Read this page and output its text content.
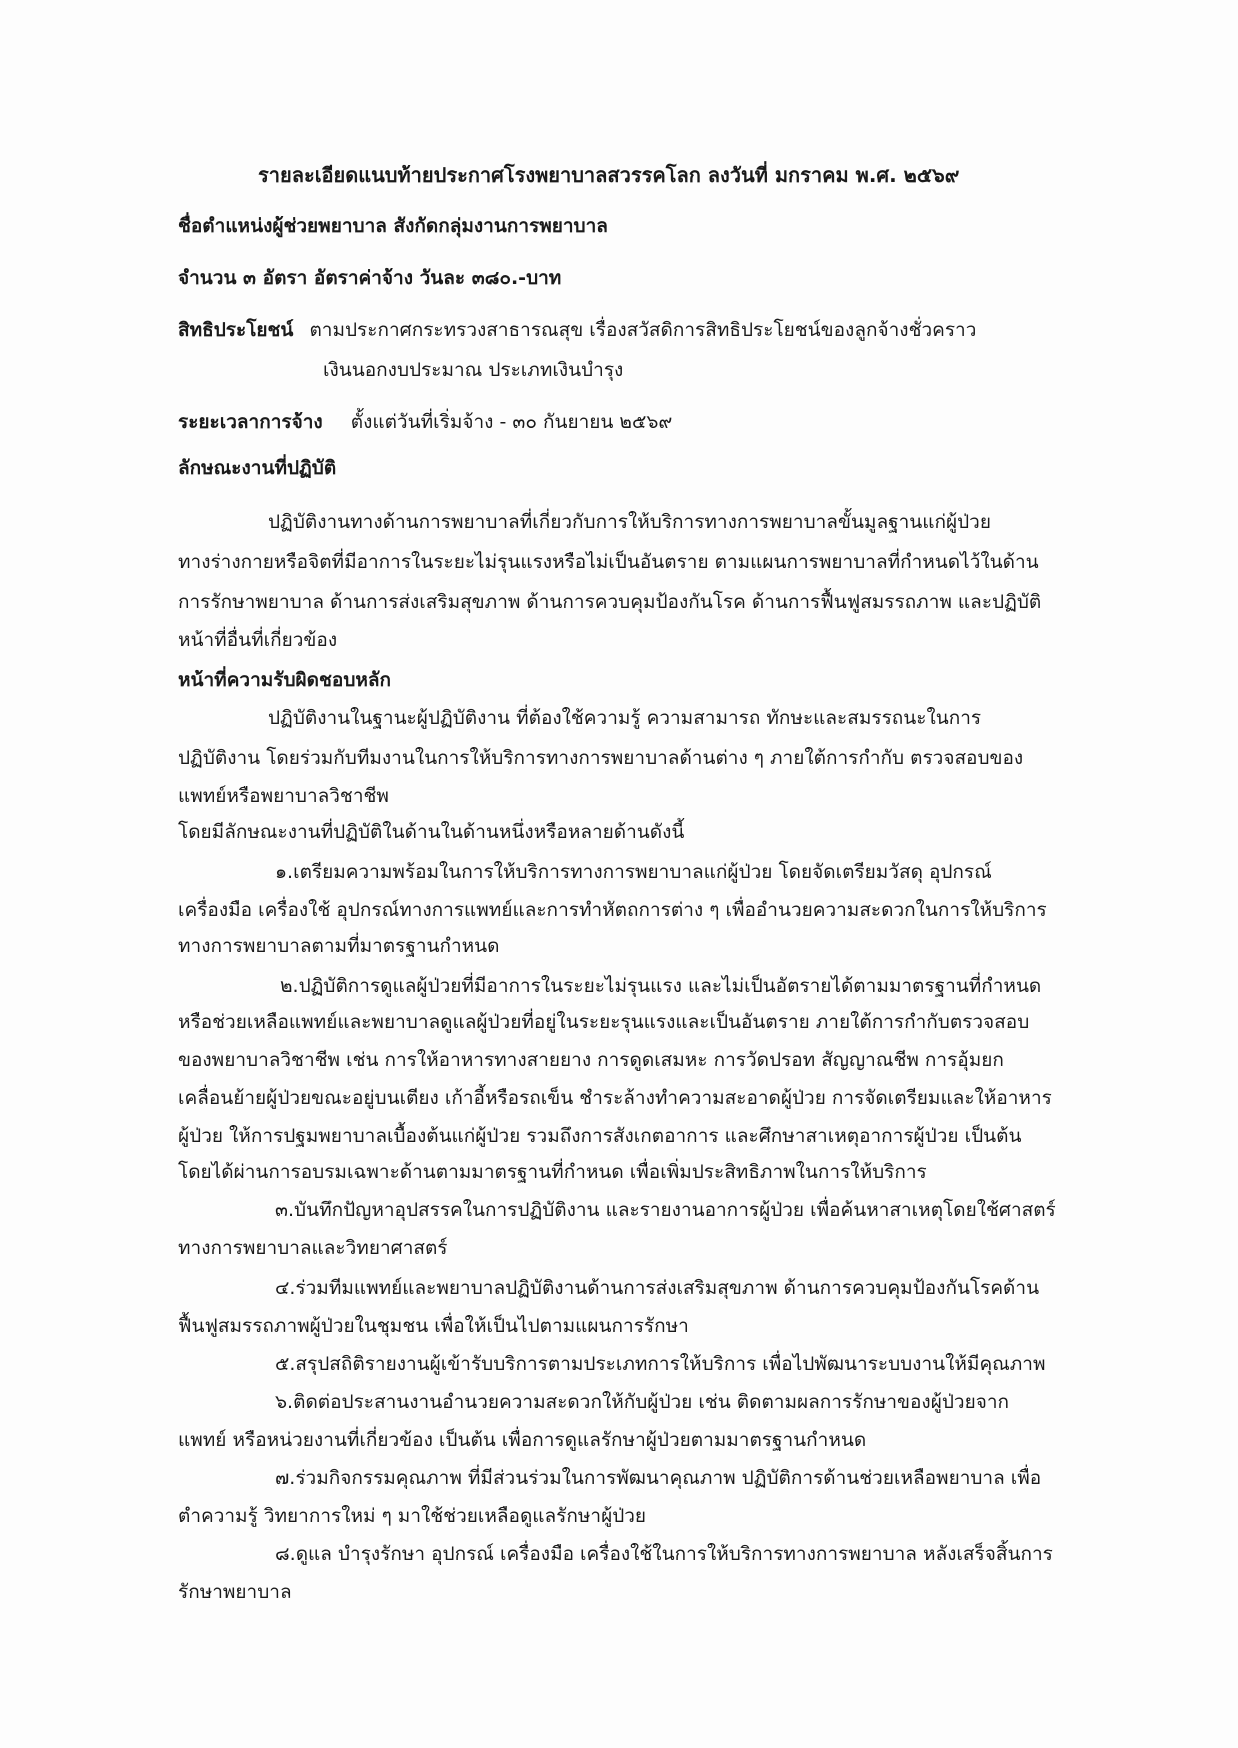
รายละเอียดแนบท้ายประกาศโรงพยาบาลสวรรคโลก ลงวันที่ มกราคม พ.ศ. ๒๕๖๙
ชื่อตำแหน่งผู้ช่วยพยาบาล สังกัดกลุ่มงานการพยาบาล
จำนวน ๓ อัตรา อัตราค่าจ้าง วันละ ๓๘๐.-บาท
สิทธิประโยชน์ ตามประกาศกระทรวงสาธารณสุข เรื่องสวัสดิการสิทธิประโยชน์ของลูกจ้างชั่วคราว
เงินนอกงบประมาณ ประเภทเงินบำรุง
ระยะเวลาการจ้าง ตั้งแต่วันที่เริ่มจ้าง - ๓๐ กันยายน ๒๕๖๙
ลักษณะงานที่ปฏิบัติ
ปฏิบัติงานทางด้านการพยาบาลที่เกี่ยวกับการให้บริการทางการพยาบาลขั้นมูลฐานแก่ผู้ป่วย
ทางร่างกายหรือจิตที่มีอาการในระยะไม่รุนแรงหรือไม่เป็นอันตราย ตามแผนการพยาบาลที่กำหนดไว้ในด้าน
การรักษาพยาบาล ด้านการส่งเสริมสุขภาพ ด้านการควบคุมป้องกันโรค ด้านการฟื้นฟูสมรรถภาพ และปฏิบัติ
หน้าที่อื่นที่เกี่ยวข้อง
หน้าที่ความรับผิดชอบหลัก
ปฏิบัติงานในฐานะผู้ปฏิบัติงาน ที่ต้องใช้ความรู้ ความสามารถ ทักษะและสมรรถนะในการ
ปฏิบัติงาน โดยร่วมกับทีมงานในการให้บริการทางการพยาบาลด้านต่าง ๆ ภายใต้การกำกับ ตรวจสอบของ
แพทย์หรือพยาบาลวิชาชีพ
โดยมีลักษณะงานที่ปฏิบัติในด้านในด้านหนึ่งหรือหลายด้านดังนี้
๑.เตรียมความพร้อมในการให้บริการทางการพยาบาลแก่ผู้ป่วย โดยจัดเตรียมวัสดุ อุปกรณ์
เครื่องมือ เครื่องใช้ อุปกรณ์ทางการแพทย์และการทำหัตถการต่าง ๆ เพื่ออำนวยความสะดวกในการให้บริการ
ทางการพยาบาลตามที่มาตรฐานกำหนด
๒.ปฏิบัติการดูแลผู้ป่วยที่มีอาการในระยะไม่รุนแรง และไม่เป็นอัตรายได้ตามมาตรฐานที่กำหนด
หรือช่วยเหลือแพทย์และพยาบาลดูแลผู้ป่วยที่อยู่ในระยะรุนแรงและเป็นอันตราย ภายใต้การกำกับตรวจสอบ
ของพยาบาลวิชาชีพ เช่น การให้อาหารทางสายยาง การดูดเสมหะ การวัดปรอท สัญญาณชีพ การอุ้มยก
เคลื่อนย้ายผู้ป่วยขณะอยู่บนเตียง เก้าอี้หรือรถเข็น ชำระล้างทำความสะอาดผู้ป่วย การจัดเตรียมและให้อาหาร
ผู้ป่วย ให้การปฐมพยาบาลเบื้องต้นแก่ผู้ป่วย รวมถึงการสังเกตอาการ และศึกษาสาเหตุอาการผู้ป่วย เป็นต้น
โดยได้ผ่านการอบรมเฉพาะด้านตามมาตรฐานที่กำหนด เพื่อเพิ่มประสิทธิภาพในการให้บริการ
๓.บันทึกปัญหาอุปสรรคในการปฏิบัติงาน และรายงานอาการผู้ป่วย เพื่อค้นหาสาเหตุโดยใช้ศาสตร์
ทางการพยาบาลและวิทยาศาสตร์
๔.ร่วมทีมแพทย์และพยาบาลปฏิบัติงานด้านการส่งเสริมสุขภาพ ด้านการควบคุมป้องกันโรคด้าน
ฟื้นฟูสมรรถภาพผู้ป่วยในชุมชน เพื่อให้เป็นไปตามแผนการรักษา
๕.สรุปสถิติรายงานผู้เข้ารับบริการตามประเภทการให้บริการ เพื่อไปพัฒนาระบบงานให้มีคุณภาพ
๖.ติดต่อประสานงานอำนวยความสะดวกให้กับผู้ป่วย เช่น ติดตามผลการรักษาของผู้ป่วยจาก
แพทย์ หรือหน่วยงานที่เกี่ยวข้อง เป็นต้น เพื่อการดูแลรักษาผู้ป่วยตามมาตรฐานกำหนด
๗.ร่วมกิจกรรมคุณภาพ ที่มีส่วนร่วมในการพัฒนาคุณภาพ ปฏิบัติการด้านช่วยเหลือพยาบาล เพื่อ
ตำความรู้ วิทยาการใหม่ ๆ มาใช้ช่วยเหลือดูแลรักษาผู้ป่วย
๘.ดูแล บำรุงรักษา อุปกรณ์ เครื่องมือ เครื่องใช้ในการให้บริการทางการพยาบาล หลังเสร็จสิ้นการ
รักษาพยาบาล
